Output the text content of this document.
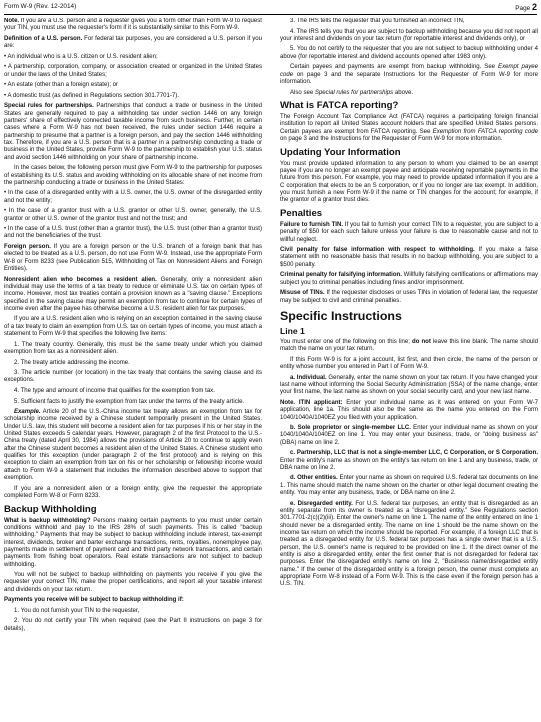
Form W-9 (Rev. 12-2014)	Page 2

Note. If you are a U.S. person and a requester gives you a form other than Form W-9 to request your TIN, you must use the requester's form if it is substantially similar to this Form W-9.

Definition of a U.S. person. For federal tax purposes, you are considered a U.S. person if you are:

• An individual who is a U.S. citizen or U.S. resident alien;

• A partnership, corporation, company, or association created or organized in the United States or under the laws of the United States;

• An estate (other than a foreign estate); or

• A domestic trust (as defined in Regulations section 301.7701-7).

Special rules for partnerships. Partnerships that conduct a trade or business in the United States are generally required to pay a withholding tax under section 1446 on any foreign partners' share of effectively connected taxable income from such business. Further, in certain cases where a Form W-9 has not been received, the rules under section 1446 require a partnership to presume that a partner is a foreign person, and pay the section 1446 withholding tax. Therefore, if you are a U.S. person that is a partner in a partnership conducting a trade or business in the United States, provide Form W-9 to the partnership to establish your U.S. status and avoid section 1446 withholding on your share of partnership income.

In the cases below, the following person must give Form W-9 to the partnership for purposes of establishing its U.S. status and avoiding withholding on its allocable share of net income from the partnership conducting a trade or business in the United States:

• In the case of a disregarded entity with a U.S. owner, the U.S. owner of the disregarded entity and not the entity;

• In the case of a grantor trust with a U.S. grantor or other U.S. owner, generally, the U.S. grantor or other U.S. owner of the grantor trust and not the trust; and

• In the case of a U.S. trust (other than a grantor trust), the U.S. trust (other than a grantor trust) and not the beneficiaries of the trust.

Foreign person. If you are a foreign person or the U.S. branch of a foreign bank that has elected to be treated as a U.S. person, do not use Form W-9. Instead, use the appropriate Form W-8 or Form 8233 (see Publication 515, Withholding of Tax on Nonresident Aliens and Foreign Entities).

Nonresident alien who becomes a resident alien. Generally, only a nonresident alien individual may use the terms of a tax treaty to reduce or eliminate U.S. tax on certain types of income. However, most tax treaties contain a provision known as a "saving clause." Exceptions specified in the saving clause may permit an exemption from tax to continue for certain types of income even after the payee has otherwise become a U.S. resident alien for tax purposes.

If you are a U.S. resident alien who is relying on an exception contained in the saving clause of a tax treaty to claim an exemption from U.S. tax on certain types of income, you must attach a statement to Form W-9 that specifies the following five items:

1. The treaty country. Generally, this must be the same treaty under which you claimed exemption from tax as a nonresident alien.

2. The treaty article addressing the income.

3. The article number (or location) in the tax treaty that contains the saving clause and its exceptions.

4. The type and amount of income that qualifies for the exemption from tax.

5. Sufficient facts to justify the exemption from tax under the terms of the treaty article.

Example. Article 20 of the U.S.-China income tax treaty allows an exemption from tax for scholarship income received by a Chinese student temporarily present in the United States. Under U.S. law, this student will become a resident alien for tax purposes if his or her stay in the United States exceeds 5 calendar years. However, paragraph 2 of the first Protocol to the U.S.-China treaty (dated April 30, 1984) allows the provisions of Article 20 to continue to apply even after the Chinese student becomes a resident alien of the United States. A Chinese student who qualifies for this exception (under paragraph 2 of the first protocol) and is relying on this exception to claim an exemption from tax on his or her scholarship or fellowship income would attach to Form W-9 a statement that includes the information described above to support that exemption.

If you are a nonresident alien or a foreign entity, give the requester the appropriate completed Form W-8 or Form 8233.

Backup Withholding

What is backup withholding? Persons making certain payments to you must under certain conditions withhold and pay to the IRS 28% of such payments. This is called "backup withholding." Payments that may be subject to backup withholding include interest, tax-exempt interest, dividends, broker and barter exchange transactions, rents, royalties, nonemployee pay, payments made in settlement of payment card and third party network transactions, and certain payments from fishing boat operators. Real estate transactions are not subject to backup withholding.

You will not be subject to backup withholding on payments you receive if you give the requester your correct TIN, make the proper certifications, and report all your taxable interest and dividends on your tax return.

Payments you receive will be subject to backup withholding if:

1. You do not furnish your TIN to the requester,

2. You do not certify your TIN when required (see the Part II instructions on page 3 for details),

3. The IRS tells the requester that you furnished an incorrect TIN,

4. The IRS tells you that you are subject to backup withholding because you did not report all your interest and dividends on your tax return (for reportable interest and dividends only), or

5. You do not certify to the requester that you are not subject to backup withholding under 4 above (for reportable interest and dividend accounts opened after 1983 only).

Certain payees and payments are exempt from backup withholding. See Exempt payee code on page 3 and the separate Instructions for the Requester of Form W-9 for more information.

Also see Special rules for partnerships above.

What is FATCA reporting?

The Foreign Account Tax Compliance Act (FATCA) requires a participating foreign financial institution to report all United States account holders that are specified United States persons. Certain payees are exempt from FATCA reporting. See Exemption from FATCA reporting code on page 3 and the Instructions for the Requester of Form W-9 for more information.

Updating Your Information

You must provide updated information to any person to whom you claimed to be an exempt payee if you are no longer an exempt payee and anticipate receiving reportable payments in the future from this person. For example, you may need to provide updated information if you are a C corporation that elects to be an S corporation, or if you no longer are tax exempt. In addition, you must furnish a new Form W-9 if the name or TIN changes for the account; for example, if the grantor of a grantor trust dies.

Penalties

Failure to furnish TIN. If you fail to furnish your correct TIN to a requester, you are subject to a penalty of $50 for each such failure unless your failure is due to reasonable cause and not to willful neglect.

Civil penalty for false information with respect to withholding. If you make a false statement with no reasonable basis that results in no backup withholding, you are subject to a $500 penalty.

Criminal penalty for falsifying information. Willfully falsifying certifications or affirmations may subject you to criminal penalties including fines and/or imprisonment.

Misuse of TINs. If the requester discloses or uses TINs in violation of federal law, the requester may be subject to civil and criminal penalties.

Specific Instructions
Line 1

You must enter one of the following on this line; do not leave this line blank. The name should match the name on your tax return.

If this Form W-9 is for a joint account, list first, and then circle, the name of the person or entity whose number you entered in Part I of Form W-9.

a. Individual. Generally, enter the name shown on your tax return. If you have changed your last name without informing the Social Security Administration (SSA) of the name change, enter your first name, the last name as shown on your social security card, and your new last name.

Note. ITIN applicant: Enter your individual name as it was entered on your Form W-7 application, line 1a. This should also be the same as the name you entered on the Form 1040/1040A/1040EZ you filed with your application.

b. Sole proprietor or single-member LLC. Enter your individual name as shown on your 1040/1040A/1040EZ on line 1. You may enter your business, trade, or "doing business as" (DBA) name on line 2.

c. Partnership, LLC that is not a single-member LLC, C Corporation, or S Corporation. Enter the entity's name as shown on the entity's tax return on line 1 and any business, trade, or DBA name on line 2.

d. Other entities. Enter your name as shown on required U.S. federal tax documents on line 1. This name should match the name shown on the charter or other legal document creating the entity. You may enter any business, trade, or DBA name on line 2.

e. Disregarded entity. For U.S. federal tax purposes, an entity that is disregarded as an entity separate from its owner is treated as a "disregarded entity." See Regulations section 301.7701-2(c)(2)(iii). Enter the owner's name on line 1. The name of the entity entered on line 1 should never be a disregarded entity. The name on line 1 should be the name shown on the income tax return on which the income should be reported. For example, if a foreign LLC that is treated as a disregarded entity for U.S. federal tax purposes has a single owner that is a U.S. person, the U.S. owner's name is required to be provided on line 1. If the direct owner of the entity is also a disregarded entity, enter the first owner that is not disregarded for federal tax purposes. Enter the disregarded entity's name on line 2, "Business name/disregarded entity name." If the owner of the disregarded entity is a foreign person, the owner must complete an appropriate Form W-8 instead of a Form W-9. This is the case even if the foreign person has a U.S. TIN.
